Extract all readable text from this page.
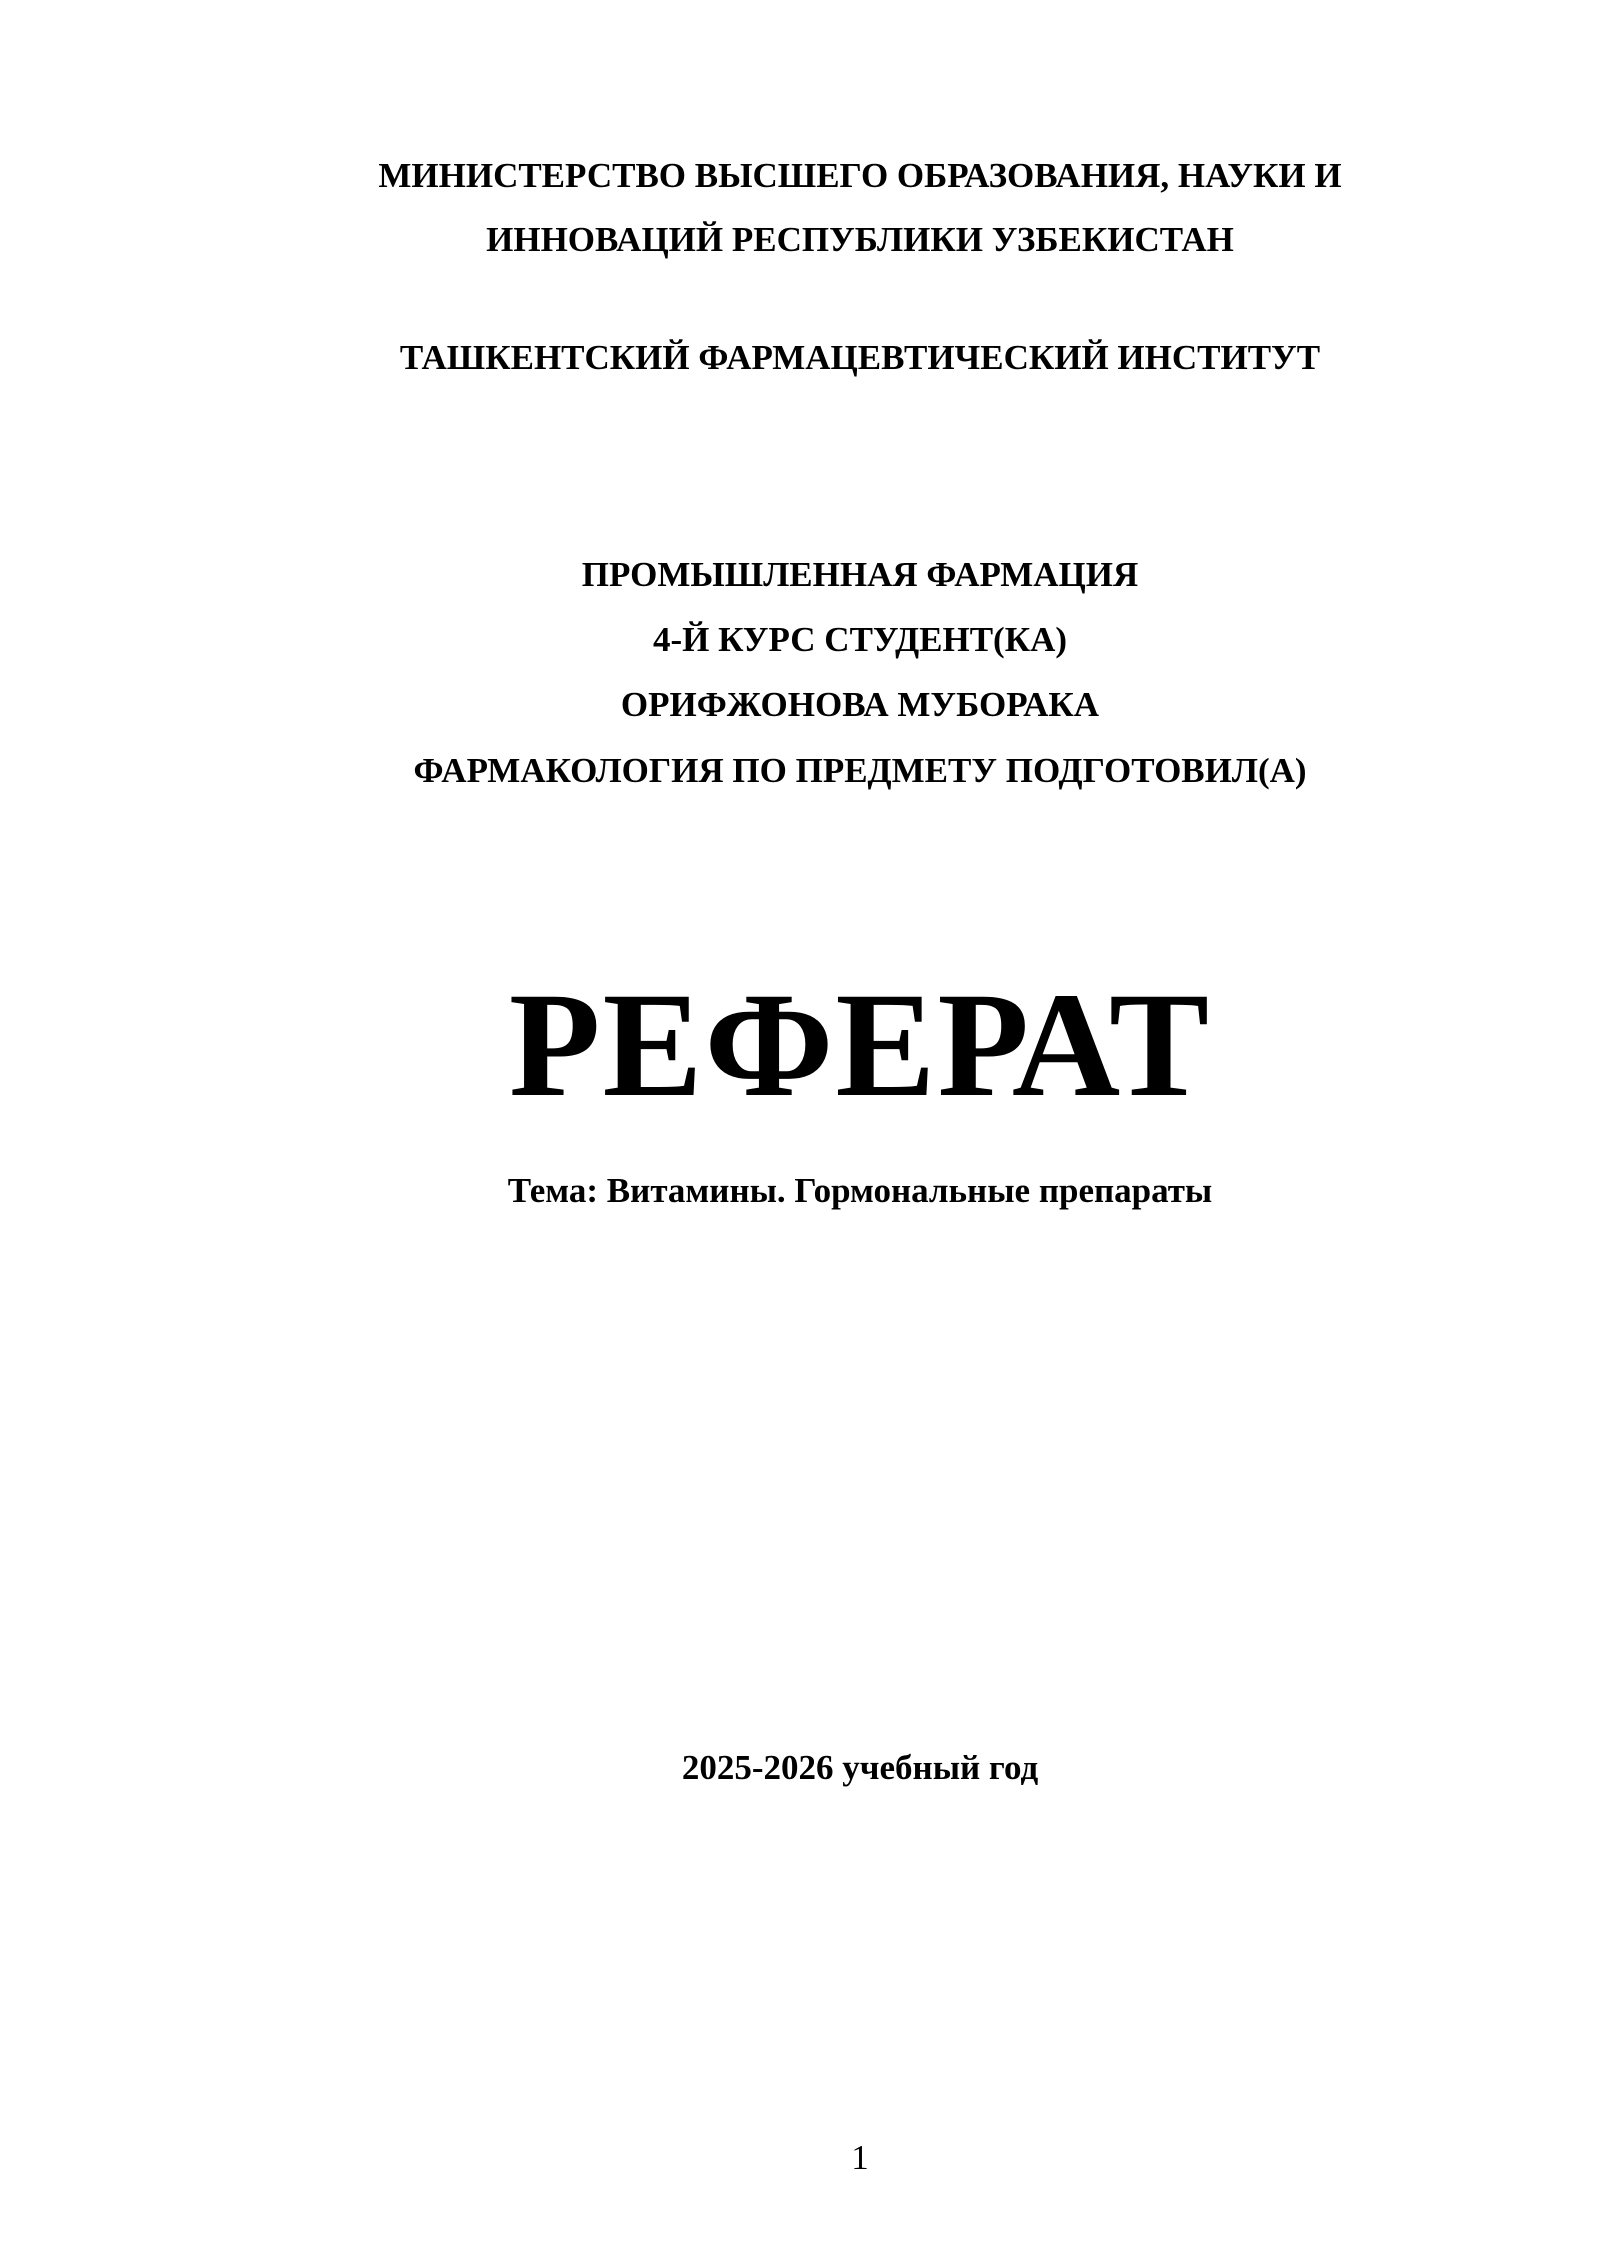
МИНИСТЕРСТВО ВЫСШЕГО ОБРАЗОВАНИЯ, НАУКИ И
ИННОВАЦИЙ РЕСПУБЛИКИ УЗБЕКИСТАН
ТАШКЕНТСКИЙ ФАРМАЦЕВТИЧЕСКИЙ ИНСТИТУТ
ПРОМЫШЛЕННАЯ ФАРМАЦИЯ
4-Й КУРС СТУДЕНТ(КА)
ОРИФЖОНОВА МУБОРАКА
ФАРМАКОЛОГИЯ ПО ПРЕДМЕТУ ПОДГОТОВИЛ(А)
РЕФЕРАТ
Тема: Витамины. Гормональные препараты
2025-2026 учебный год
1
